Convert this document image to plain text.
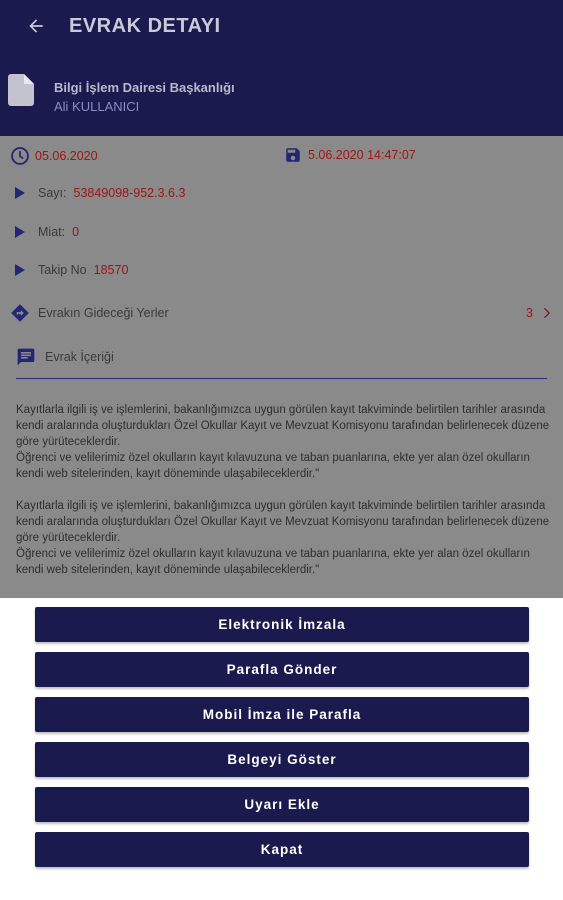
EVRAK DETAYI
Bilgi İşlem Dairesi Başkanlığı
Ali KULLANICI
05.06.2020	5.06.2020 14:47:07
Sayı: 53849098-952.3.6.3
Miat: 0
Takip No 18570
Evrakın Gideceği Yerler	3
Evrak İçeriği

Kayıtlarla ilgili iş ve işlemlerini, bakanlığımızca uygun görülen kayıt takviminde belirtilen tarihler arasında kendi aralarında oluşturdukları Özel Okullar Kayıt ve Mevzuat Komisyonu tarafından belirlenecek düzene göre yürüteceklerdir.
Öğrenci ve velilerimiz özel okulların kayıt kılavuzuna ve taban puanlarına, ekte yer alan özel okulların kendi web sitelerinden, kayıt döneminde ulaşabileceklerdir."

Kayıtlarla ilgili iş ve işlemlerini, bakanlığımızca uygun görülen kayıt takviminde belirtilen tarihler arasında kendi aralarında oluşturdukları Özel Okullar Kayıt ve Mevzuat Komisyonu tarafından belirlenecek düzene göre yürüteceklerdir.
Öğrenci ve velilerimiz özel okulların kayıt kılavuzuna ve taban puanlarına, ekte yer alan özel okulların kendi web sitelerinden, kayıt döneminde ulaşabileceklerdir."

Elektronik İmzala
Parafla Gönder
Mobil İmza ile Parafla
Belgeyi Göster
Uyarı Ekle
Kapat
